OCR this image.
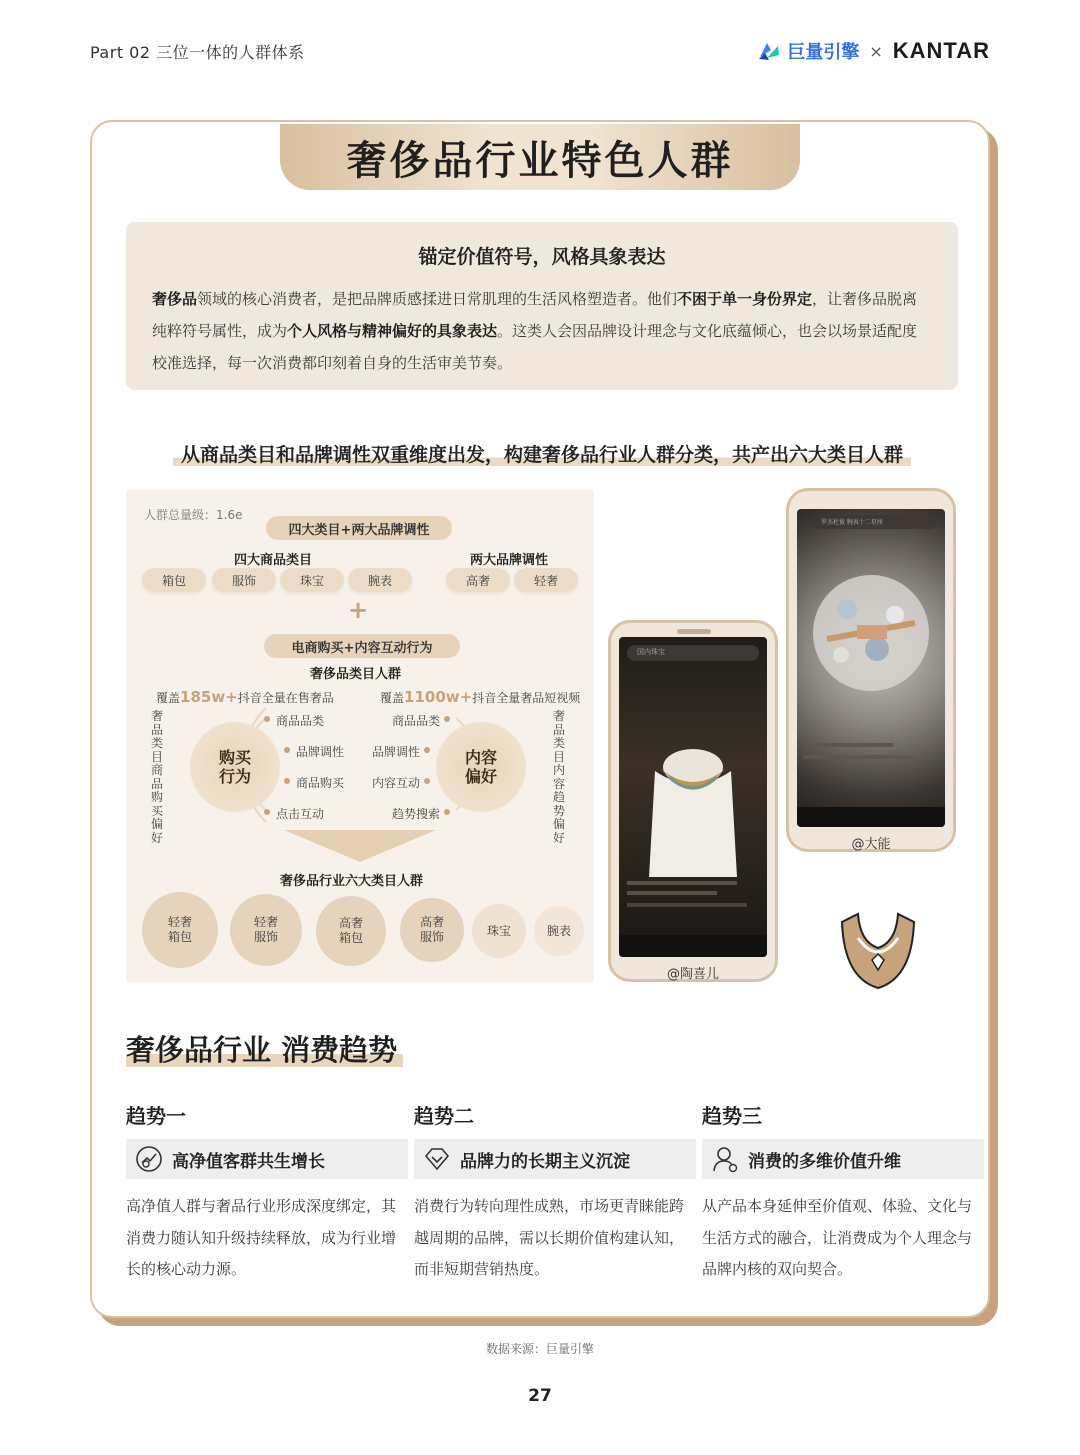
Part 02 三位一体的人群体系	巨量引擎 × KANTAR
奢侈品行业特色人群
锚定价值符号，风格具象表达
奢侈品领域的核心消费者，是把品牌质感揉进日常肌理的生活风格塑造者。他们不困于单一身份界定，让奢侈品脱离纯粹符号属性，成为个人风格与精神偏好的具象表达。这类人会因品牌设计理念与文化底蕴倾心，也会以场景适配度校准选择，每一次消费都印刻着自身的生活审美节奏。
从商品类目和品牌调性双重维度出发，构建奢侈品行业人群分类，共产出六大类目人群
人群总量级：1.6e
四大类目+两大品牌调性
四大商品类目	两大品牌调性
箱包	服饰	珠宝	腕表	高奢	轻奢
+
电商购买+内容互动行为
奢侈品类目人群
覆盖185w+抖音全量在售奢品	覆盖1100w+抖音全量奢品短视频
奢品类目商品购买偏好
奢品类目内容趋势偏好
购买
行为
内容
偏好
商品品类
品牌调性
商品购买
点击互动
商品品类
品牌调性
内容互动
趋势搜索
奢侈品行业六大类目人群
轻奢
箱包
轻奢
服饰
高奢
箱包
高奢
服饰	珠宝	腕表
国内珠宝
@陶喜儿
罗杰杜彼 腕表十二星座
@大能
奢侈品行业 消费趋势
趋势一
高净值客群共生增长
高净值人群与奢品行业形成深度绑定，其消费力随认知升级持续释放，成为行业增长的核心动力源。
趋势二
品牌力的长期主义沉淀
消费行为转向理性成熟，市场更青睐能跨越周期的品牌，需以长期价值构建认知，而非短期营销热度。
趋势三
消费的多维价值升维
从产品本身延伸至价值观、体验、文化与生活方式的融合，让消费成为个人理念与品牌内核的双向契合。
数据来源：巨量引擎
27
